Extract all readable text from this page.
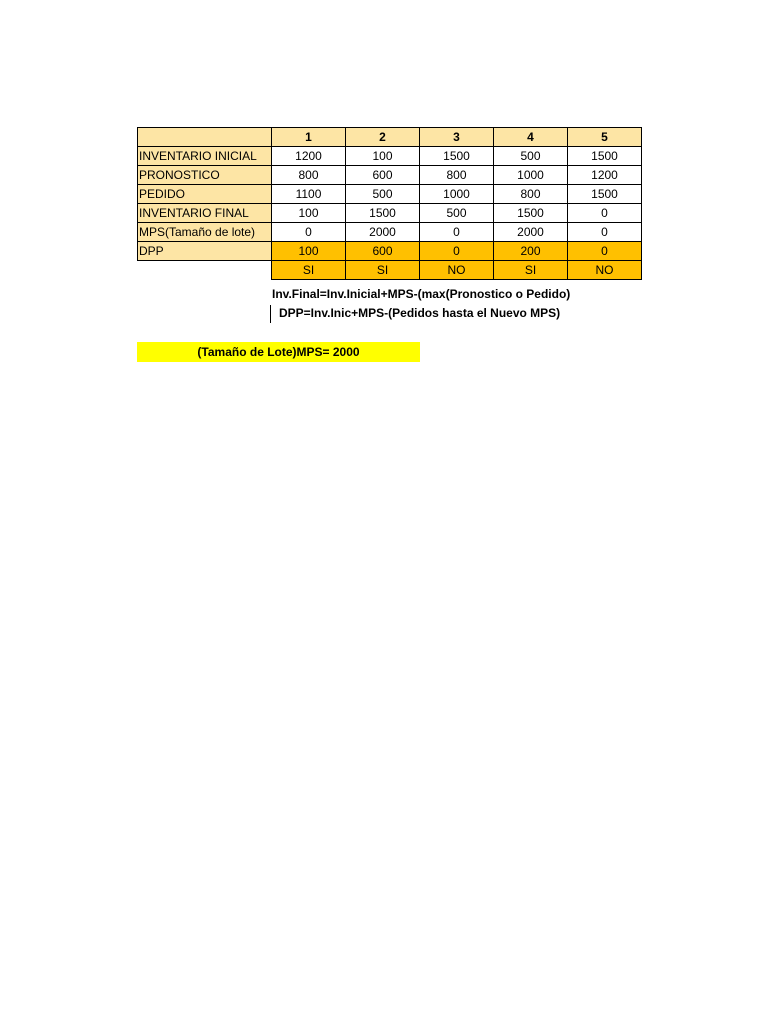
	1	2	3	4	5
INVENTARIO INICIAL	1200	100	1500	500	1500
PRONOSTICO	800	600	800	1000	1200
PEDIDO	1100	500	1000	800	1500
INVENTARIO FINAL	100	1500	500	1500	0
MPS(Tamaño de lote)	0	2000	0	2000	0
DPP	100	600	0	200	0
	SI	SI	NO	SI	NO
Inv.Final=Inv.Inicial+MPS-(max(Pronostico o Pedido)
DPP=Inv.Inic+MPS-(Pedidos hasta el Nuevo MPS)
(Tamaño de Lote)MPS= 2000
